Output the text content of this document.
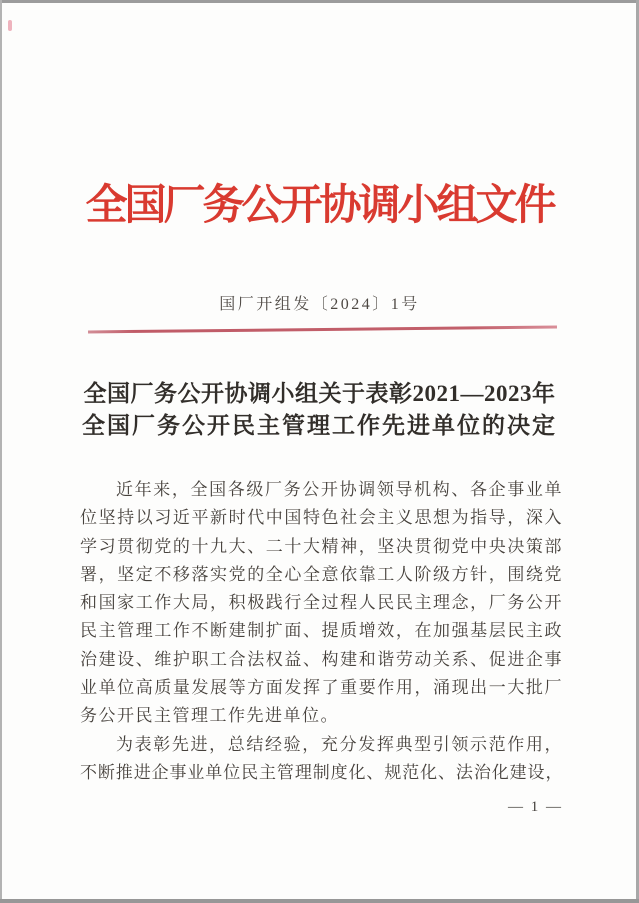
全国厂务公开协调小组文件
国厂开组发〔2024〕1号
全国厂务公开协调小组关于表彰2021—2023年
全国厂务公开民主管理工作先进单位的决定
近年来，全国各级厂务公开协调领导机构、各企事业单
位坚持以习近平新时代中国特色社会主义思想为指导，深入
学习贯彻党的十九大、二十大精神，坚决贯彻党中央决策部
署，坚定不移落实党的全心全意依靠工人阶级方针，围绕党
和国家工作大局，积极践行全过程人民民主理念，厂务公开
民主管理工作不断建制扩面、提质增效，在加强基层民主政
治建设、维护职工合法权益、构建和谐劳动关系、促进企事
业单位高质量发展等方面发挥了重要作用，涌现出一大批厂
务公开民主管理工作先进单位。
为表彰先进，总结经验，充分发挥典型引领示范作用，
不断推进企事业单位民主管理制度化、规范化、法治化建设，
— 1 —
